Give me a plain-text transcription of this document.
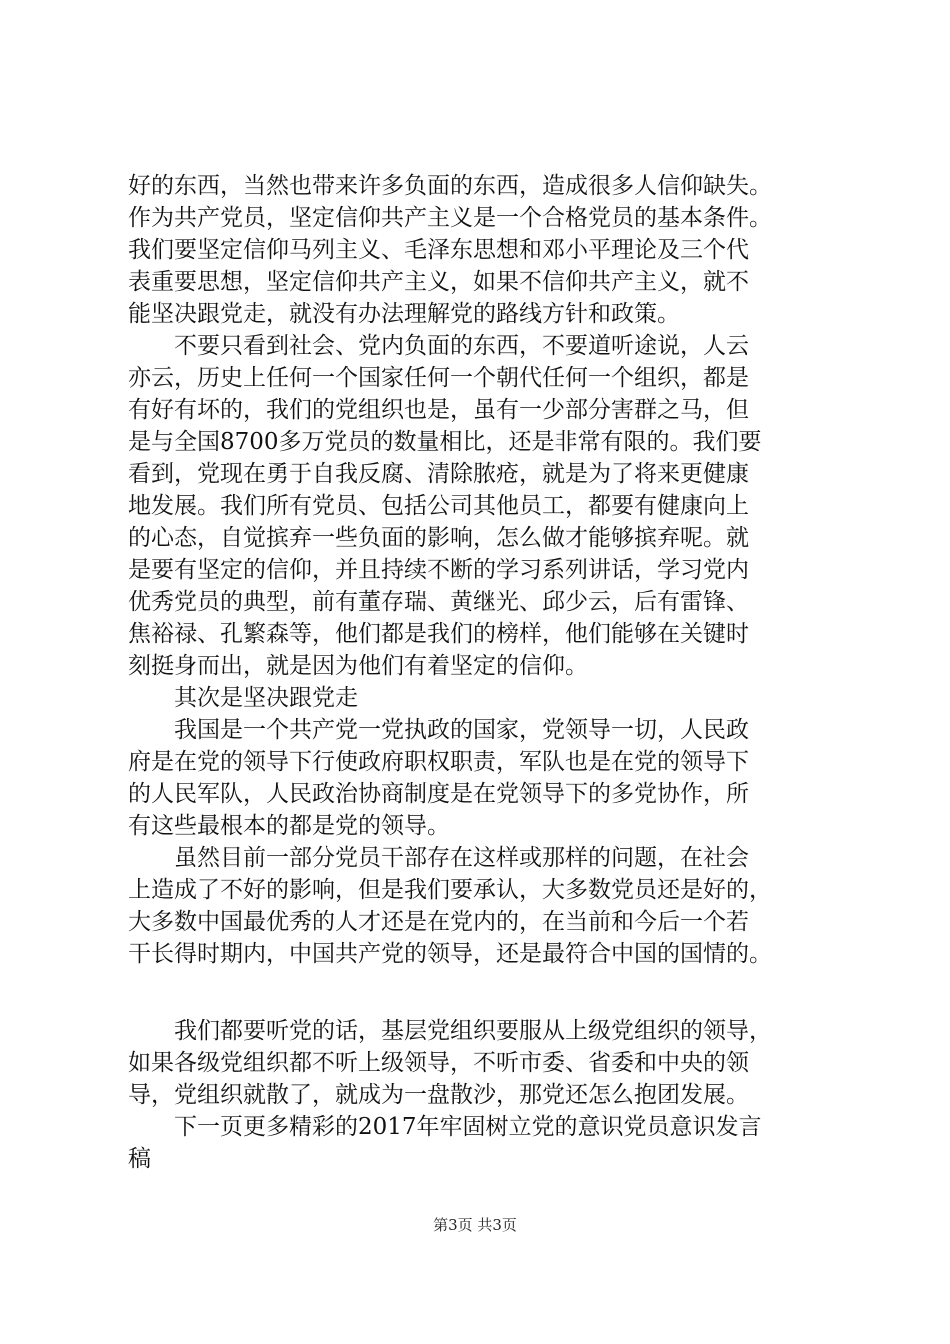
好的东西，当然也带来许多负面的东西，造成很多人信仰缺失。
作为共产党员，坚定信仰共产主义是一个合格党员的基本条件。
我们要坚定信仰马列主义、毛泽东思想和邓小平理论及三个代
表重要思想，坚定信仰共产主义，如果不信仰共产主义，就不
能坚决跟党走，就没有办法理解党的路线方针和政策。
　　不要只看到社会、党内负面的东西，不要道听途说，人云
亦云，历史上任何一个国家任何一个朝代任何一个组织，都是
有好有坏的，我们的党组织也是，虽有一少部分害群之马，但
是与全国8700多万党员的数量相比，还是非常有限的。我们要
看到，党现在勇于自我反腐、清除脓疮，就是为了将来更健康
地发展。我们所有党员、包括公司其他员工，都要有健康向上
的心态，自觉摈弃一些负面的影响，怎么做才能够摈弃呢。就
是要有坚定的信仰，并且持续不断的学习系列讲话，学习党内
优秀党员的典型，前有董存瑞、黄继光、邱少云，后有雷锋、
焦裕禄、孔繁森等，他们都是我们的榜样，他们能够在关键时
刻挺身而出，就是因为他们有着坚定的信仰。
　　其次是坚决跟党走
　　我国是一个共产党一党执政的国家，党领导一切，人民政
府是在党的领导下行使政府职权职责，军队也是在党的领导下
的人民军队，人民政治协商制度是在党领导下的多党协作，所
有这些最根本的都是党的领导。
　　虽然目前一部分党员干部存在这样或那样的问题，在社会
上造成了不好的影响，但是我们要承认，大多数党员还是好的，
大多数中国最优秀的人才还是在党内的，在当前和今后一个若
干长得时期内，中国共产党的领导，还是最符合中国的国情的。
　　我们都要听党的话，基层党组织要服从上级党组织的领导，
如果各级党组织都不听上级领导，不听市委、省委和中央的领
导，党组织就散了，就成为一盘散沙，那党还怎么抱团发展。
　　下一页更多精彩的2017年牢固树立党的意识党员意识发言
稿
第3页 共3页
